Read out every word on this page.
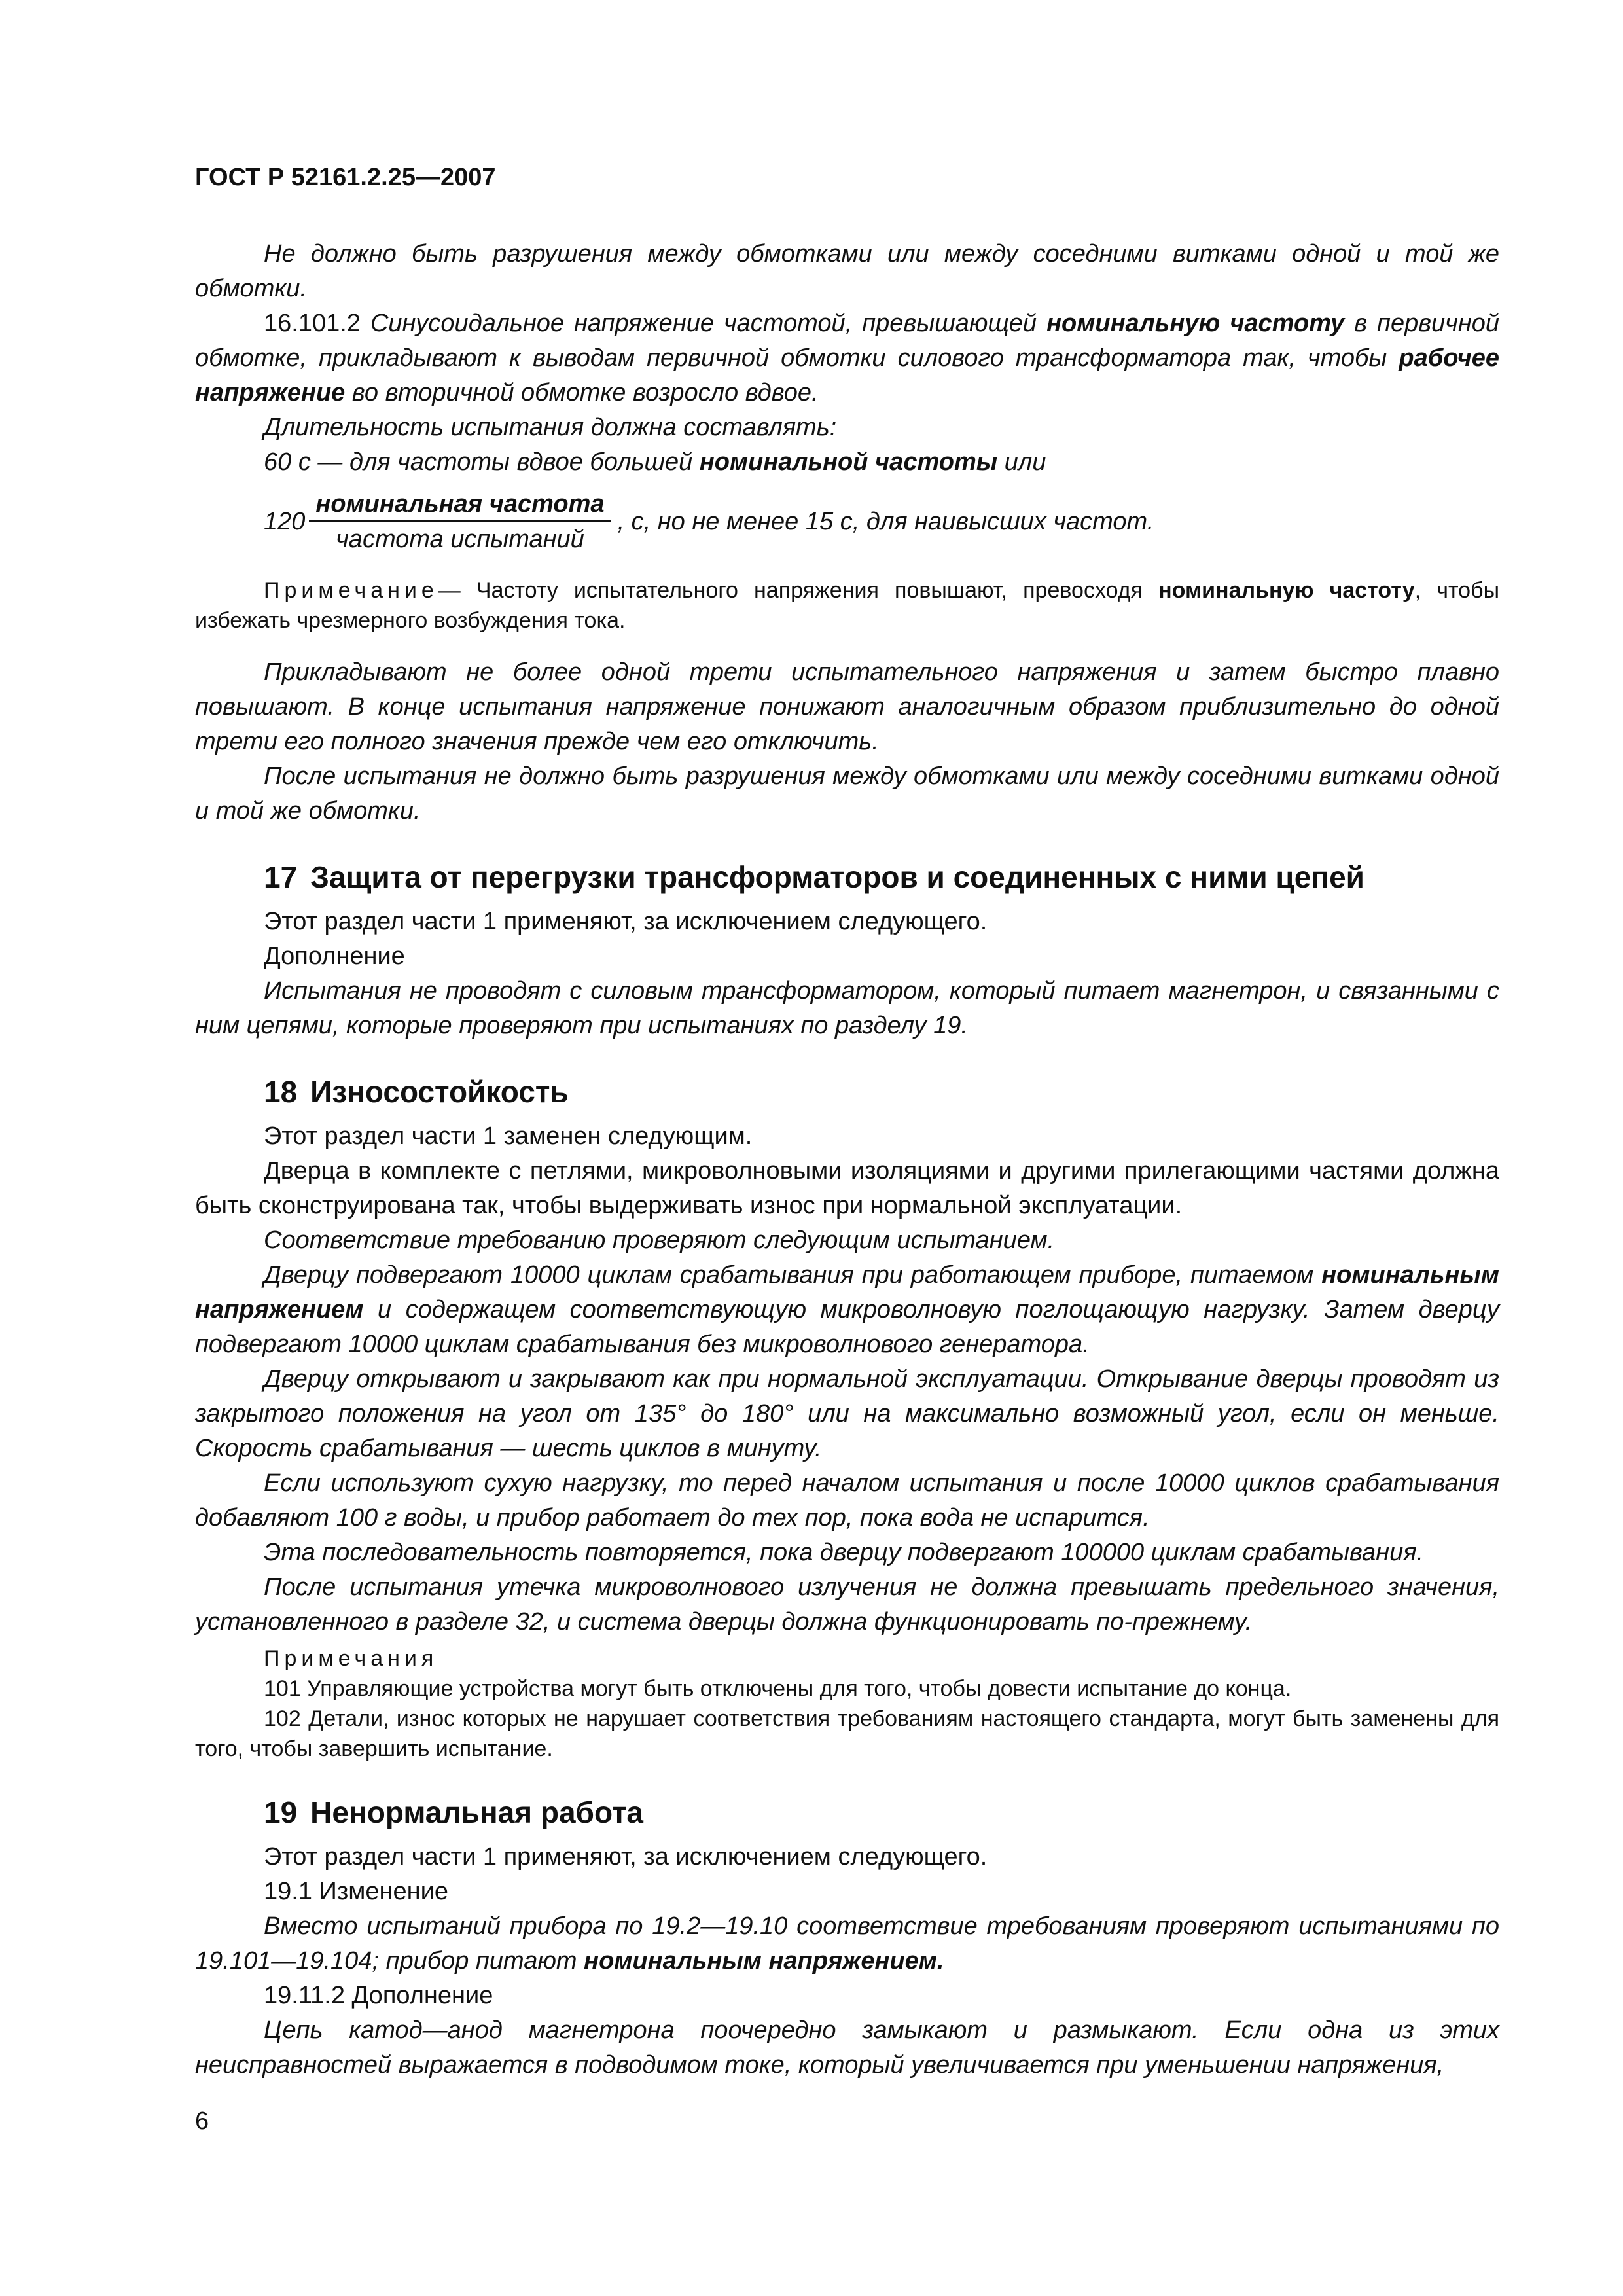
ГОСТ Р 52161.2.25—2007

Не должно быть разрушения между обмотками или между соседними витками одной и той же обмотки.

16.101.2 Синусоидальное напряжение частотой, превышающей номинальную частоту в первичной обмотке, прикладывают к выводам первичной обмотки силового трансформатора так, чтобы рабочее напряжение во вторичной обмотке возросло вдвое.

Длительность испытания должна составлять:

60 с — для частоты вдвое большей номинальной частоты или

$120 \frac{\text{номинальная частота}}{\text{частота испытаний}}$ , с, но не менее 15 с, для наивысших частот.

Примечание— Частоту испытательного напряжения повышают, превосходя номинальную частоту, чтобы избежать чрезмерного возбуждения тока.

Прикладывают не более одной трети испытательного напряжения и затем быстро плавно повышают. В конце испытания напряжение понижают аналогичным образом приблизительно до одной трети его полного значения прежде чем его отключить.

После испытания не должно быть разрушения между обмотками или между соседними витками одной и той же обмотки.

17 Защита от перегрузки трансформаторов и соединенных с ними цепей

Этот раздел части 1 применяют, за исключением следующего.

Дополнение

Испытания не проводят с силовым трансформатором, который питает магнетрон, и связанными с ним цепями, которые проверяют при испытаниях по разделу 19.

18 Износостойкость

Этот раздел части 1 заменен следующим.

Дверца в комплекте с петлями, микроволновыми изоляциями и другими прилегающими частями должна быть сконструирована так, чтобы выдерживать износ при нормальной эксплуатации.

Соответствие требованию проверяют следующим испытанием.

Дверцу подвергают 10000 циклам срабатывания при работающем приборе, питаемом номинальным напряжением и содержащем соответствующую микроволновую поглощающую нагрузку. Затем дверцу подвергают 10000 циклам срабатывания без микроволнового генератора.

Дверцу открывают и закрывают как при нормальной эксплуатации. Открывание дверцы проводят из закрытого положения на угол от 135° до 180° или на максимально возможный угол, если он меньше. Скорость срабатывания — шесть циклов в минуту.

Если используют сухую нагрузку, то перед началом испытания и после 10000 циклов срабатывания добавляют 100 г воды, и прибор работает до тех пор, пока вода не испарится.

Эта последовательность повторяется, пока дверцу подвергают 100000 циклам срабатывания.

После испытания утечка микроволнового излучения не должна превышать предельного значения, установленного в разделе 32, и система дверцы должна функционировать по-прежнему.

Примечания

101 Управляющие устройства могут быть отключены для того, чтобы довести испытание до конца.

102 Детали, износ которых не нарушает соответствия требованиям настоящего стандарта, могут быть заменены для того, чтобы завершить испытание.

19 Ненормальная работа

Этот раздел части 1 применяют, за исключением следующего.

19.1 Изменение

Вместо испытаний прибора по 19.2—19.10 соответствие требованиям проверяют испытаниями по 19.101—19.104; прибор питают номинальным напряжением.

19.11.2 Дополнение

Цепь катод—анод магнетрона поочередно замыкают и размыкают. Если одна из этих неисправностей выражается в подводимом токе, который увеличивается при уменьшении напряжения,

6
